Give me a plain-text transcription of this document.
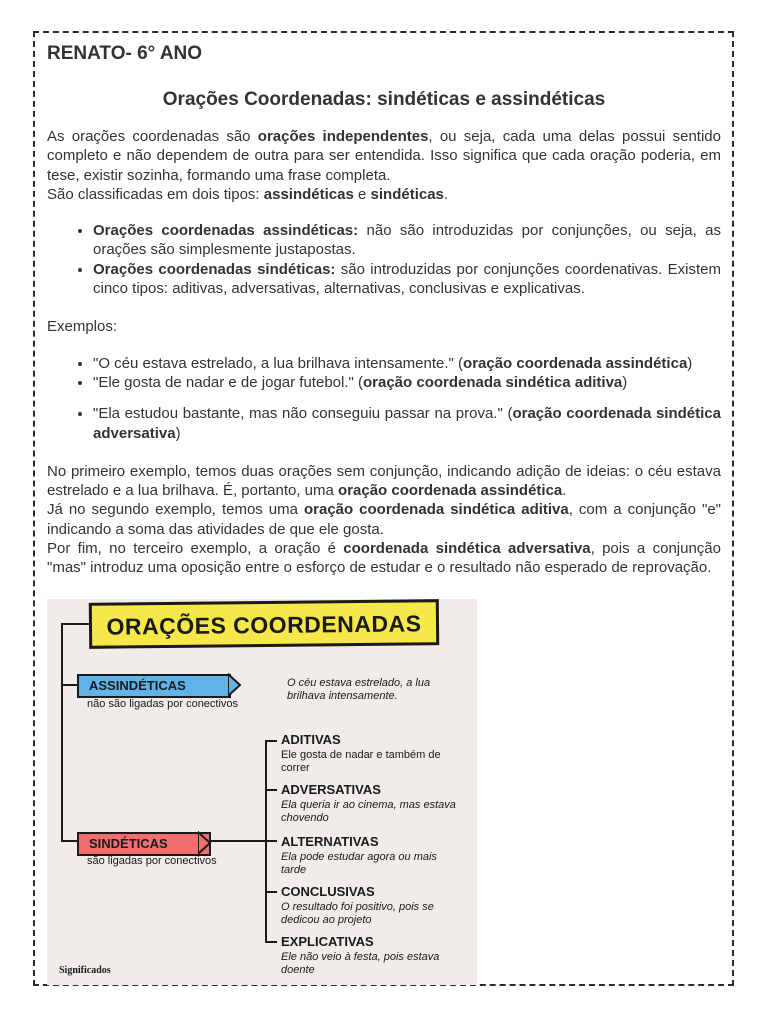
RENATO- 6° ANO
Orações Coordenadas: sindéticas e assindéticas

As orações coordenadas são orações independentes, ou seja, cada uma delas possui sentido completo e não dependem de outra para ser entendida. Isso significa que cada oração poderia, em tese, existir sozinha, formando uma frase completa.

São classificadas em dois tipos: assindéticas e sindéticas.

• Orações coordenadas assindéticas: não são introduzidas por conjunções, ou seja, as orações são simplesmente justapostas.
• Orações coordenadas sindéticas: são introduzidas por conjunções coordenativas. Existem cinco tipos: aditivas, adversativas, alternativas, conclusivas e explicativas.

Exemplos:

• "O céu estava estrelado, a lua brilhava intensamente." (oração coordenada assindética)
• "Ele gosta de nadar e de jogar futebol." (oração coordenada sindética aditiva)
• "Ela estudou bastante, mas não conseguiu passar na prova." (oração coordenada sindética adversativa)

No primeiro exemplo, temos duas orações sem conjunção, indicando adição de ideias: o céu estava estrelado e a lua brilhava. É, portanto, uma oração coordenada assindética.

Já no segundo exemplo, temos uma oração coordenada sindética aditiva, com a conjunção "e" indicando a soma das atividades de que ele gosta.

Por fim, no terceiro exemplo, a oração é coordenada sindética adversativa, pois a conjunção "mas" introduz uma oposição entre o esforço de estudar e o resultado não esperado de reprovação.

ORAÇÕES COORDENADAS
ASSINDÉTICAS
não são ligadas por conectivos
O céu estava estrelado, a lua brilhava intensamente.
SINDÉTICAS
são ligadas por conectivos
ADITIVAS
Ele gosta de nadar e também de correr
ADVERSATIVAS
Ela queria ir ao cinema, mas estava chovendo
ALTERNATIVAS
Ela pode estudar agora ou mais tarde
CONCLUSIVAS
O resultado foi positivo, pois se dedicou ao projeto
EXPLICATIVAS
Ele não veio à festa, pois estava doente
Significados
